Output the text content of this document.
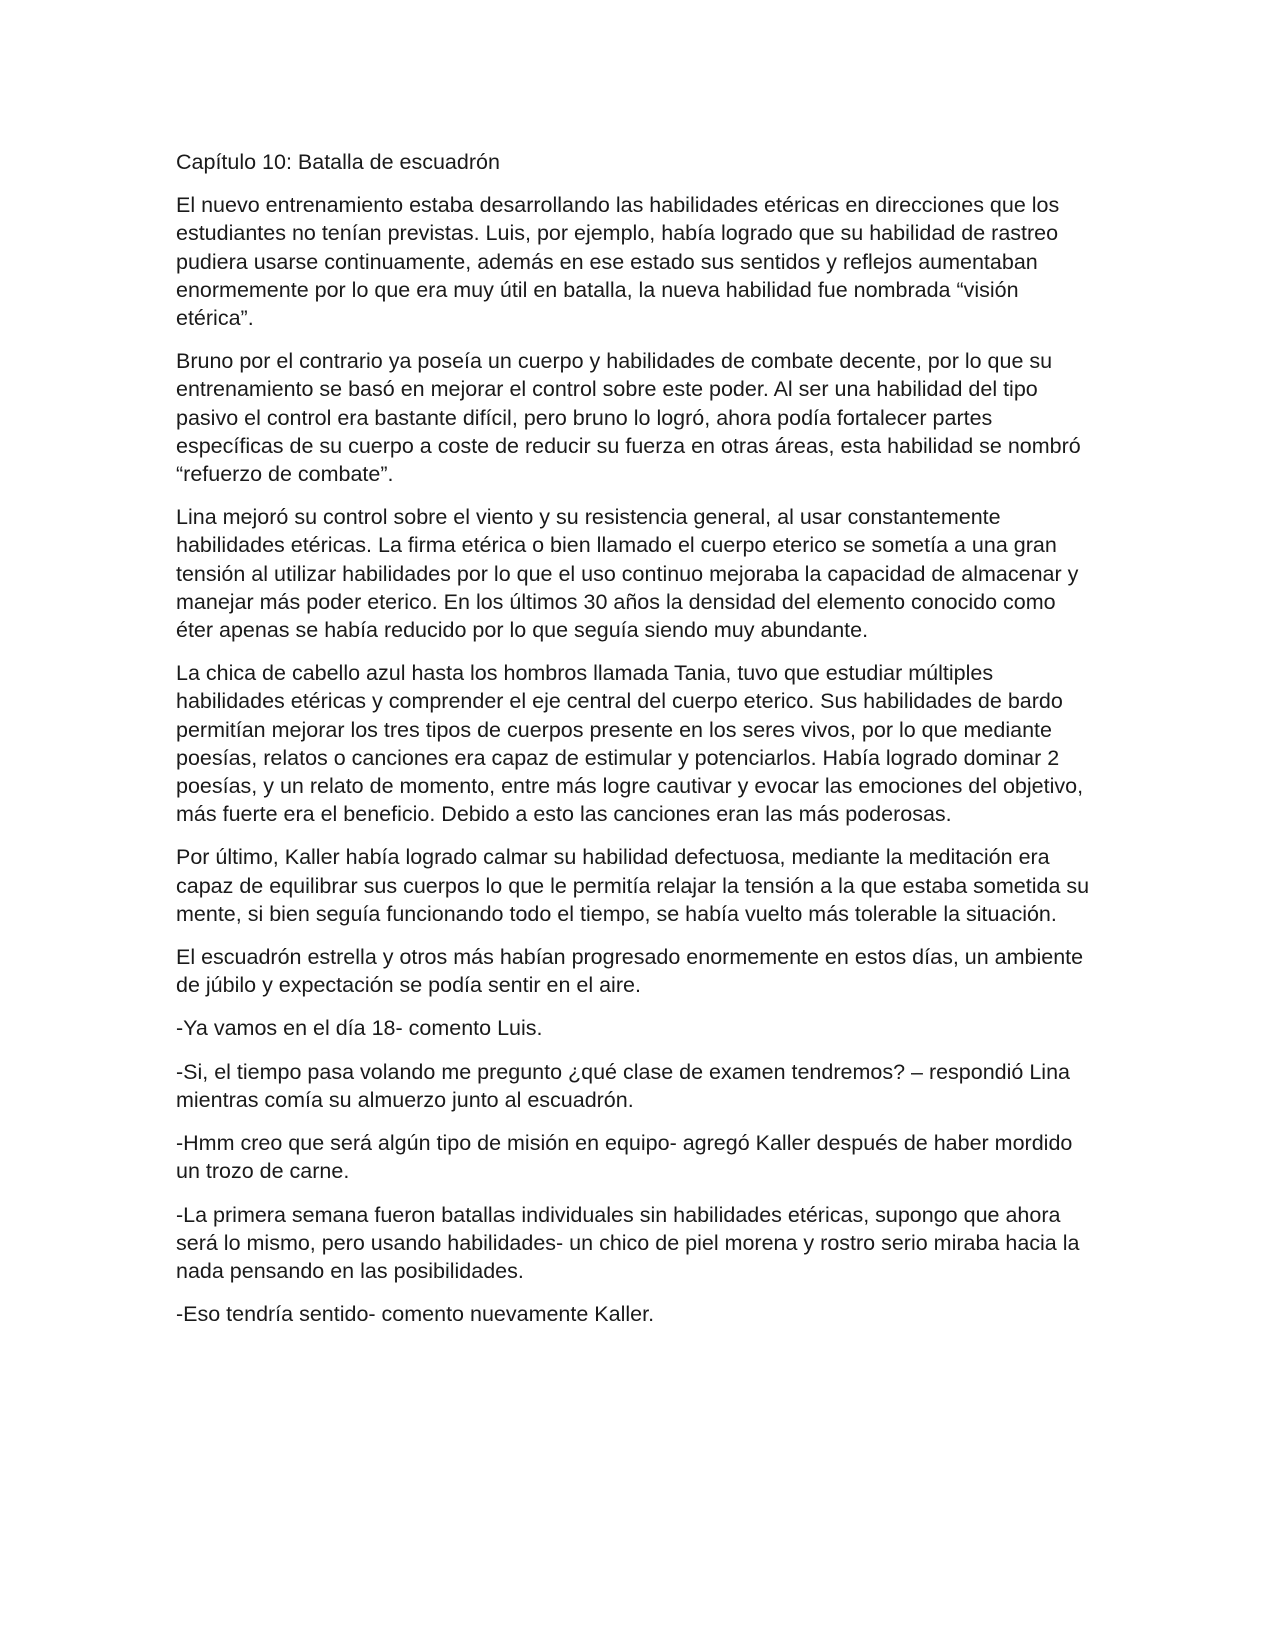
Capítulo 10: Batalla de escuadrón

El nuevo entrenamiento estaba desarrollando las habilidades etéricas en direcciones que los estudiantes no tenían previstas. Luis, por ejemplo, había logrado que su habilidad de rastreo pudiera usarse continuamente, además en ese estado sus sentidos y reflejos aumentaban enormemente por lo que era muy útil en batalla, la nueva habilidad fue nombrada “visión etérica”.

Bruno por el contrario ya poseía un cuerpo y habilidades de combate decente, por lo que su entrenamiento se basó en mejorar el control sobre este poder. Al ser una habilidad del tipo pasivo el control era bastante difícil, pero bruno lo logró, ahora podía fortalecer partes específicas de su cuerpo a coste de reducir su fuerza en otras áreas, esta habilidad se nombró “refuerzo de combate”.

Lina mejoró su control sobre el viento y su resistencia general, al usar constantemente habilidades etéricas. La firma etérica o bien llamado el cuerpo eterico se sometía a una gran tensión al utilizar habilidades por lo que el uso continuo mejoraba la capacidad de almacenar y manejar más poder eterico. En los últimos 30 años la densidad del elemento conocido como éter apenas se había reducido por lo que seguía siendo muy abundante.

La chica de cabello azul hasta los hombros llamada Tania, tuvo que estudiar múltiples habilidades etéricas y comprender el eje central del cuerpo eterico. Sus habilidades de bardo permitían mejorar los tres tipos de cuerpos presente en los seres vivos, por lo que mediante poesías, relatos o canciones era capaz de estimular y potenciarlos. Había logrado dominar 2 poesías, y un relato de momento, entre más logre cautivar y evocar las emociones del objetivo, más fuerte era el beneficio. Debido a esto las canciones eran las más poderosas.

Por último, Kaller había logrado calmar su habilidad defectuosa, mediante la meditación era capaz de equilibrar sus cuerpos lo que le permitía relajar la tensión a la que estaba sometida su mente, si bien seguía funcionando todo el tiempo, se había vuelto más tolerable la situación.

El escuadrón estrella y otros más habían progresado enormemente en estos días, un ambiente de júbilo y expectación se podía sentir en el aire.

-Ya vamos en el día 18- comento Luis.

-Si, el tiempo pasa volando me pregunto ¿qué clase de examen tendremos? – respondió Lina mientras comía su almuerzo junto al escuadrón.

-Hmm creo que será algún tipo de misión en equipo- agregó Kaller después de haber mordido un trozo de carne.

-La primera semana fueron batallas individuales sin habilidades etéricas, supongo que ahora será lo mismo, pero usando habilidades- un chico de piel morena y rostro serio miraba hacia la nada pensando en las posibilidades.

-Eso tendría sentido- comento nuevamente Kaller.
